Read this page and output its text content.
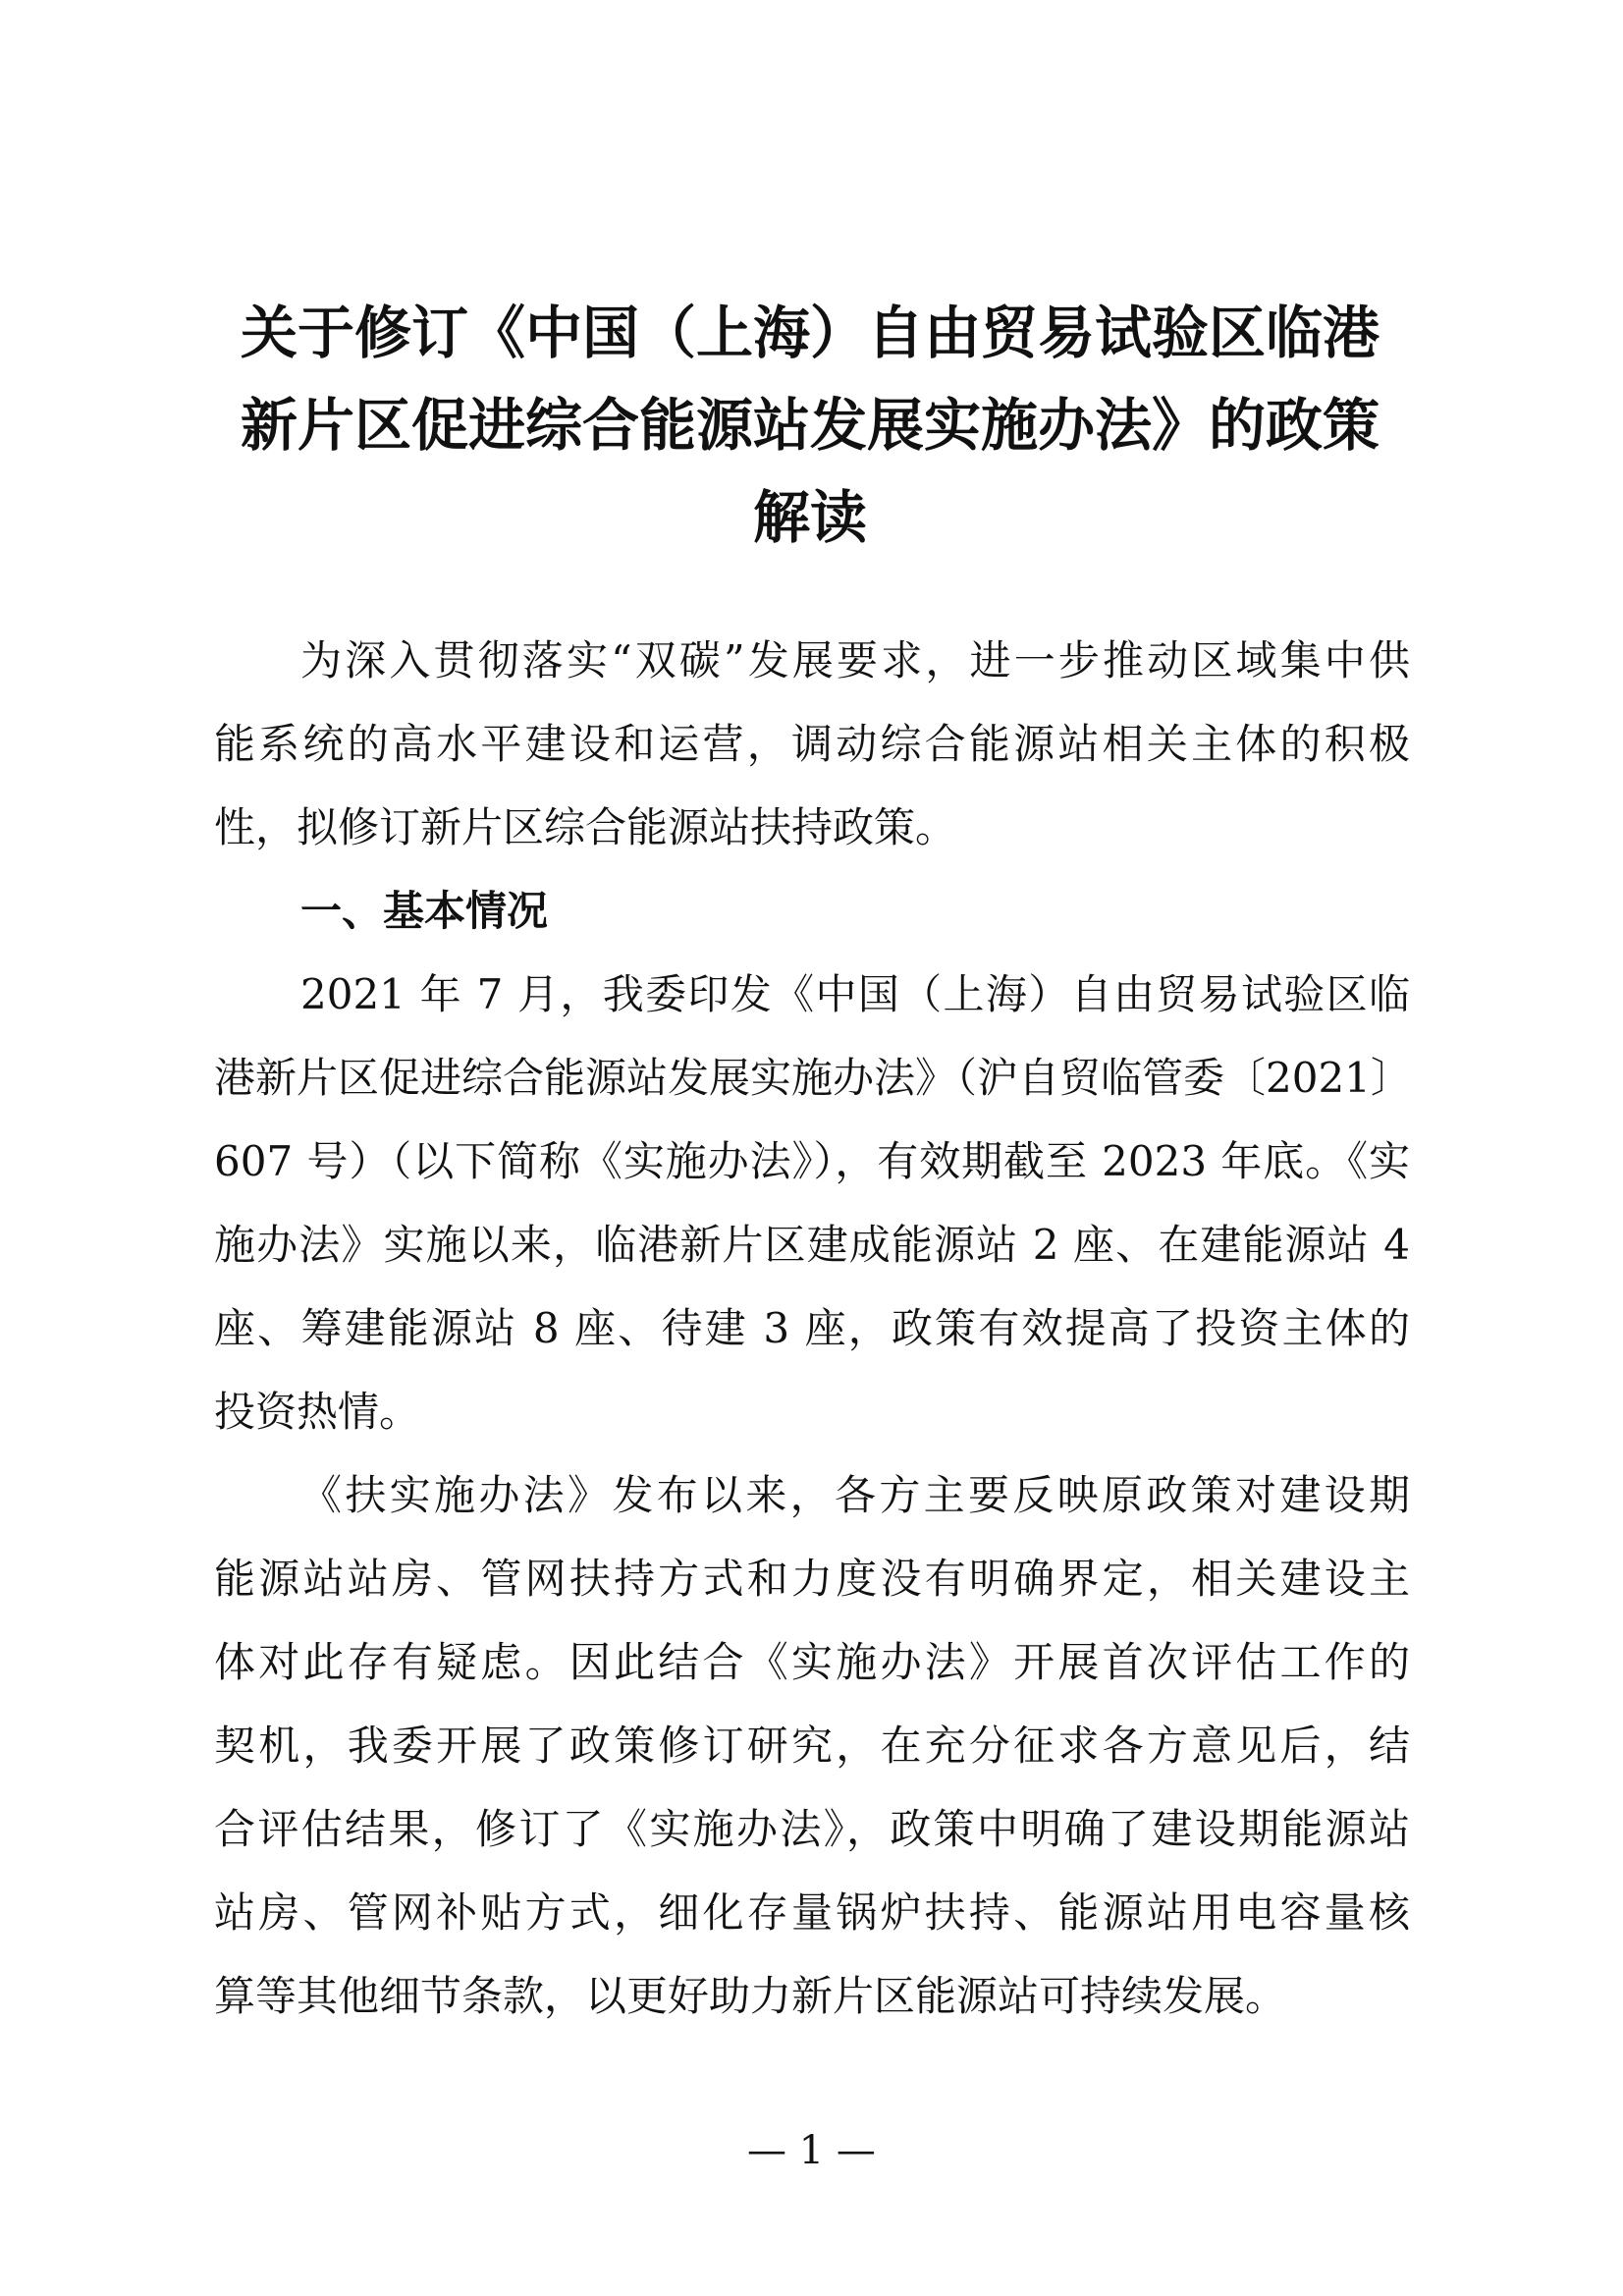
关于修订《中国（上海）自由贸易试验区临港
新片区促进综合能源站发展实施办法》的政策
解读

为深入贯彻落实“双碳”发展要求，进一步推动区域集中供
能系统的高水平建设和运营，调动综合能源站相关主体的积极
性，拟修订新片区综合能源站扶持政策。

一、基本情况

2021 年 7 月，我委印发《中国（上海）自由贸易试验区临
港新片区促进综合能源站发展实施办法》（沪自贸临管委〔2021〕
607 号）（以下简称《实施办法》），有效期截至 2023 年底。《实
施办法》实施以来，临港新片区建成能源站 2 座、在建能源站 4
座、筹建能源站 8 座、待建 3 座，政策有效提高了投资主体的
投资热情。

《扶实施办法》发布以来，各方主要反映原政策对建设期
能源站站房、管网扶持方式和力度没有明确界定，相关建设主
体对此存有疑虑。因此结合《实施办法》开展首次评估工作的
契机，我委开展了政策修订研究，在充分征求各方意见后，结
合评估结果，修订了《实施办法》，政策中明确了建设期能源站
站房、管网补贴方式，细化存量锅炉扶持、能源站用电容量核
算等其他细节条款，以更好助力新片区能源站可持续发展。

— 1 —
